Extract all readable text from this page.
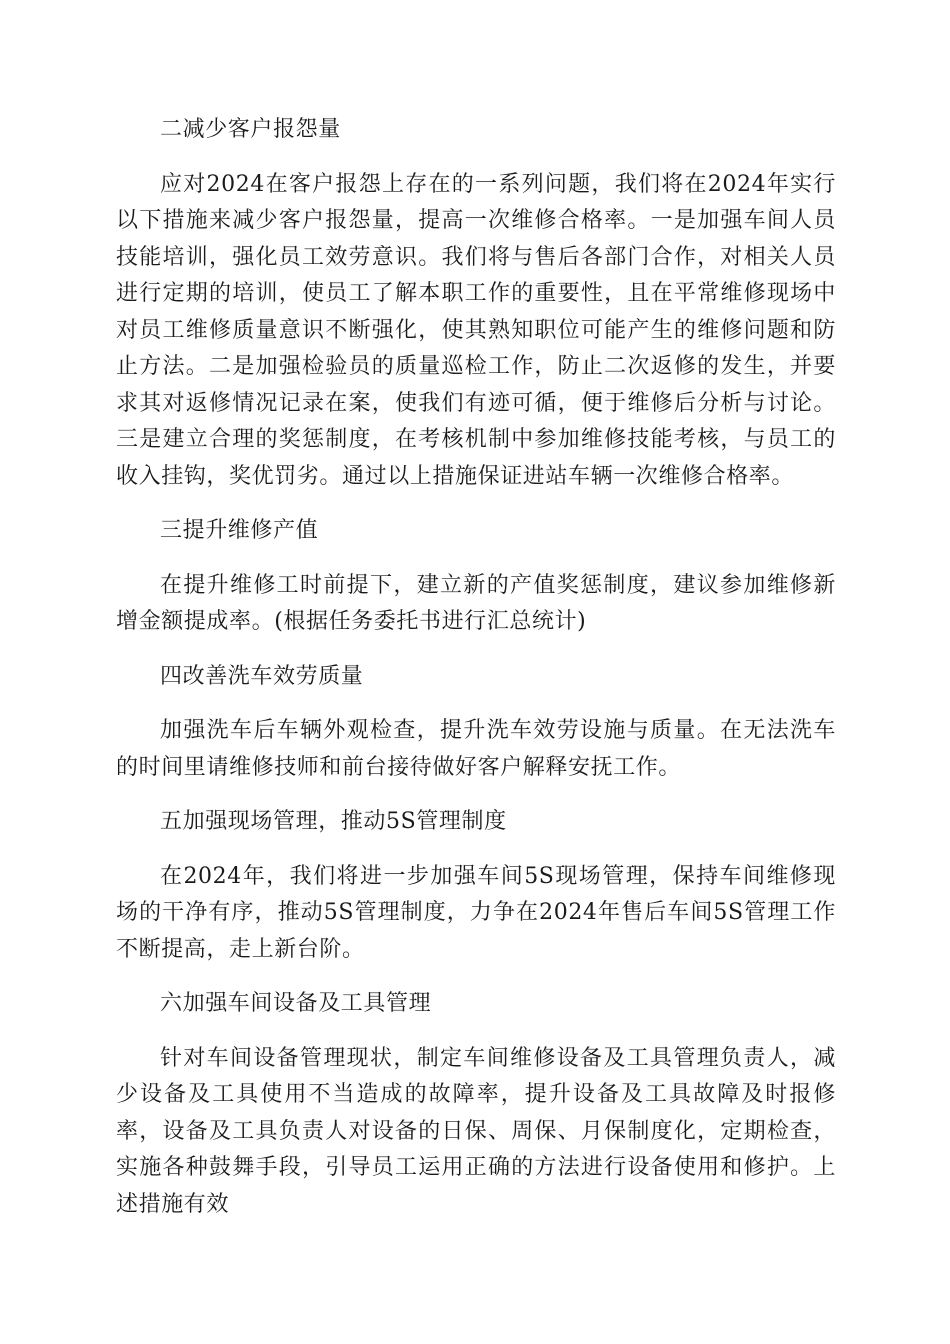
二减少客户报怨量

应对2024在客户报怨上存在的一系列问题，我们将在2024年实行以下措施来减少客户报怨量，提高一次维修合格率。一是加强车间人员技能培训，强化员工效劳意识。我们将与售后各部门合作，对相关人员进行定期的培训，使员工了解本职工作的重要性，且在平常维修现场中对员工维修质量意识不断强化，使其熟知职位可能产生的维修问题和防止方法。二是加强检验员的质量巡检工作，防止二次返修的发生，并要求其对返修情况记录在案，使我们有迹可循，便于维修后分析与讨论。三是建立合理的奖惩制度，在考核机制中参加维修技能考核，与员工的收入挂钩，奖优罚劣。通过以上措施保证进站车辆一次维修合格率。

三提升维修产值

在提升维修工时前提下，建立新的产值奖惩制度，建议参加维修新增金额提成率。(根据任务委托书进行汇总统计)

四改善洗车效劳质量

加强洗车后车辆外观检查，提升洗车效劳设施与质量。在无法洗车的时间里请维修技师和前台接待做好客户解释安抚工作。

五加强现场管理，推动5S管理制度

在2024年，我们将进一步加强车间5S现场管理，保持车间维修现场的干净有序，推动5S管理制度，力争在2024年售后车间5S管理工作不断提高，走上新台阶。

六加强车间设备及工具管理

针对车间设备管理现状，制定车间维修设备及工具管理负责人，减少设备及工具使用不当造成的故障率，提升设备及工具故障及时报修率，设备及工具负责人对设备的日保、周保、月保制度化，定期检查，实施各种鼓舞手段，引导员工运用正确的方法进行设备使用和修护。上述措施有效
